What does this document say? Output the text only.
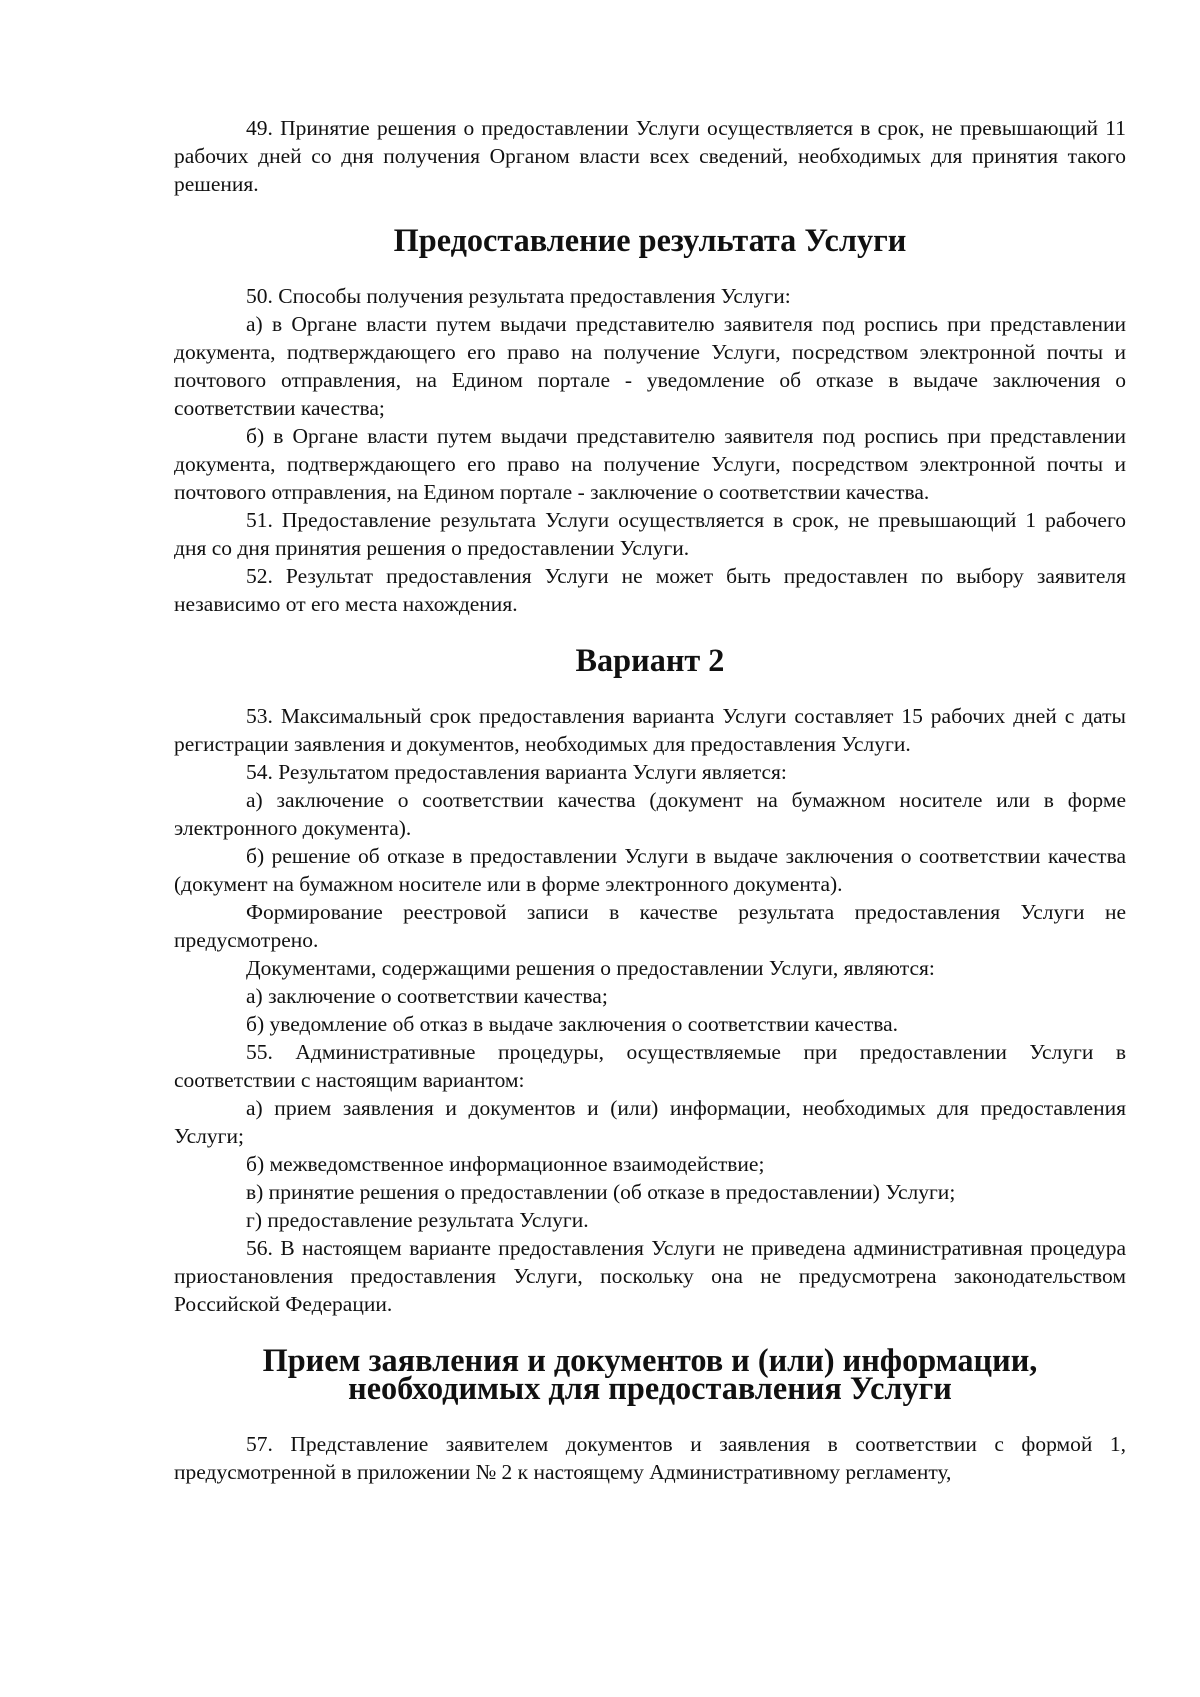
49. Принятие решения о предоставлении Услуги осуществляется в срок, не превышающий 11 рабочих дней со дня получения Органом власти всех сведений, необходимых для принятия такого решения.

Предоставление результата Услуги

50. Способы получения результата предоставления Услуги:

а) в Органе власти путем выдачи представителю заявителя под роспись при представлении документа, подтверждающего его право на получение Услуги, посредством электронной почты и почтового отправления, на Едином портале - уведомление об отказе в выдаче заключения о соответствии качества;

б) в Органе власти путем выдачи представителю заявителя под роспись при представлении документа, подтверждающего его право на получение Услуги, посредством электронной почты и почтового отправления, на Едином портале - заключение о соответствии качества.

51. Предоставление результата Услуги осуществляется в срок, не превышающий 1 рабочего дня со дня принятия решения о предоставлении Услуги.

52. Результат предоставления Услуги не может быть предоставлен по выбору заявителя независимо от его места нахождения.

Вариант 2

53. Максимальный срок предоставления варианта Услуги составляет 15 рабочих дней с даты регистрации заявления и документов, необходимых для предоставления Услуги.

54. Результатом предоставления варианта Услуги является:

а) заключение о соответствии качества (документ на бумажном носителе или в форме электронного документа).

б) решение об отказе в предоставлении Услуги в выдаче заключения о соответствии качества (документ на бумажном носителе или в форме электронного документа).

Формирование реестровой записи в качестве результата предоставления Услуги не предусмотрено.

Документами, содержащими решения о предоставлении Услуги, являются:

а) заключение о соответствии качества;

б) уведомление об отказ в выдаче заключения о соответствии качества.

55. Административные процедуры, осуществляемые при предоставлении Услуги в соответствии с настоящим вариантом:

а) прием заявления и документов и (или) информации, необходимых для предоставления Услуги;

б) межведомственное информационное взаимодействие;

в) принятие решения о предоставлении (об отказе в предоставлении) Услуги;

г) предоставление результата Услуги.

56. В настоящем варианте предоставления Услуги не приведена административная процедура приостановления предоставления Услуги, поскольку она не предусмотрена законодательством Российской Федерации.

Прием заявления и документов и (или) информации,
необходимых для предоставления Услуги

57. Представление заявителем документов и заявления в соответствии с формой 1, предусмотренной в приложении № 2 к настоящему Административному регламенту,
